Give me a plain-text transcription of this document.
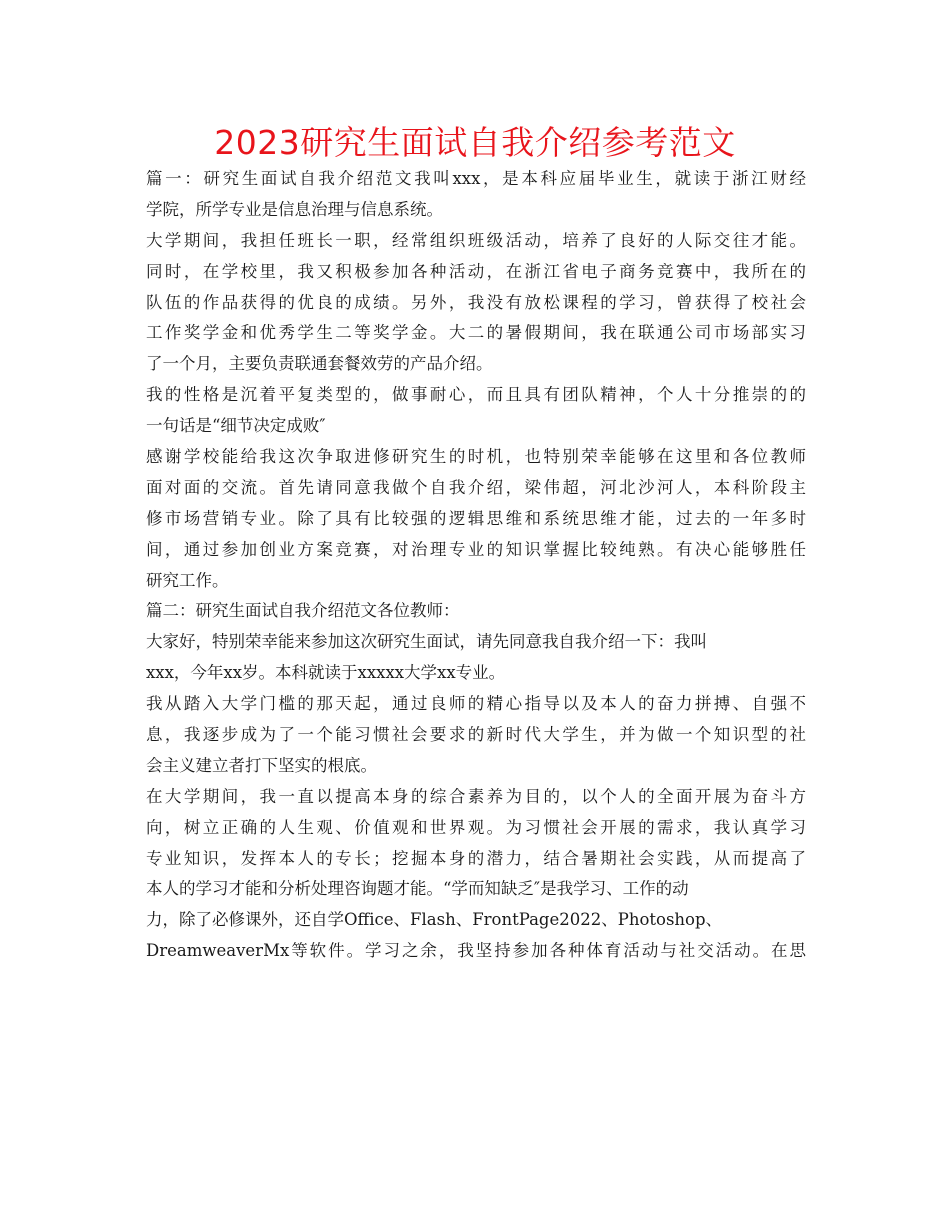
2023研究生面试自我介绍参考范文
篇一：研究生面试自我介绍范文我叫xxx，是本科应届毕业生，就读于浙江财经
学院，所学专业是信息治理与信息系统。
大学期间，我担任班长一职，经常组织班级活动，培养了良好的人际交往才能。
同时，在学校里，我又积极参加各种活动，在浙江省电子商务竞赛中，我所在的
队伍的作品获得的优良的成绩。另外，我没有放松课程的学习，曾获得了校社会
工作奖学金和优秀学生二等奖学金。大二的暑假期间，我在联通公司市场部实习
了一个月，主要负责联通套餐效劳的产品介绍。
我的性格是沉着平复类型的，做事耐心，而且具有团队精神，个人十分推崇的的
一句话是“细节决定成败″
感谢学校能给我这次争取进修研究生的时机，也特别荣幸能够在这里和各位教师
面对面的交流。首先请同意我做个自我介绍，梁伟超，河北沙河人，本科阶段主
修市场营销专业。除了具有比较强的逻辑思维和系统思维才能，过去的一年多时
间，通过参加创业方案竞赛，对治理专业的知识掌握比较纯熟。有决心能够胜任
研究工作。
篇二：研究生面试自我介绍范文各位教师：
大家好，特别荣幸能来参加这次研究生面试，请先同意我自我介绍一下：我叫
xxx，今年xx岁。本科就读于xxxxx大学xx专业。
我从踏入大学门槛的那天起，通过良师的精心指导以及本人的奋力拼搏、自强不
息，我逐步成为了一个能习惯社会要求的新时代大学生，并为做一个知识型的社
会主义建立者打下坚实的根底。
在大学期间，我一直以提高本身的综合素养为目的，以个人的全面开展为奋斗方
向，树立正确的人生观、价值观和世界观。为习惯社会开展的需求，我认真学习
专业知识，发挥本人的专长；挖掘本身的潜力，结合暑期社会实践，从而提高了
本人的学习才能和分析处理咨询题才能。“学而知缺乏″是我学习、工作的动
力，除了必修课外，还自学Office、Flash、FrontPage2022、Photoshop、
DreamweaverMx等软件。学习之余，我坚持参加各种体育活动与社交活动。在思
